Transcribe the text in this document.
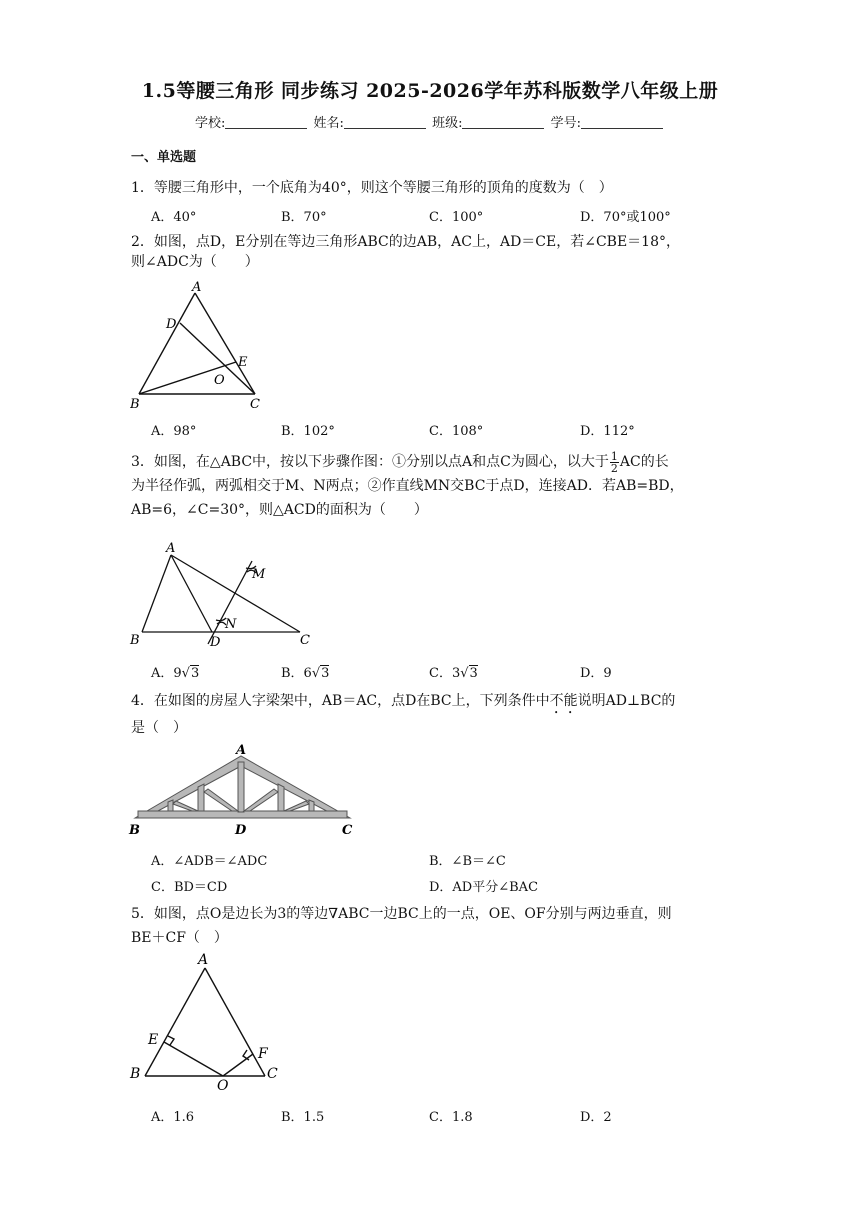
1.5等腰三角形 同步练习 2025-2026学年苏科版数学八年级上册
学校:	姓名:	班级:	学号:
一、单选题
1．等腰三角形中，一个底角为40°，则这个等腰三角形的顶角的度数为（　）
A．40°	B．70°	C．100°	D．70°或100°
2．如图，点D，E分别在等边三角形ABC的边AB，AC上，AD＝CE，若∠CBE＝18°，
则∠ADC为（　　）
A
D
E
O
B	C
A．98°	B．102°	C．108°	D．112°
3．如图，在△ABC中，按以下步骤作图：①分别以点A和点C为圆心，以大于 $\frac{1}{2}$ AC的长
为半径作弧，两弧相交于M、N两点；②作直线MN交BC于点D，连接AD．若AB=BD，
AB=6，∠C=30°，则△ACD的面积为（　　）
A
M
N
B	D	C
A．9√3	B．6√3	C．3√3	D．9
4．在如图的房屋人字梁架中，AB＝AC，点D在BC上，下列条件中不能说明AD⊥BC的
是（　）
A
B	D	C
A．∠ADB＝∠ADC	B．∠B＝∠C
C．BD＝CD	D．AD平分∠BAC
5．如图，点O是边长为3的等边∇ABC一边BC上的一点，OE、OF分别与两边垂直，则
BE＋CF（　）
A
E
F
B
O
C
A．1.6	B．1.5	C．1.8	D．2
